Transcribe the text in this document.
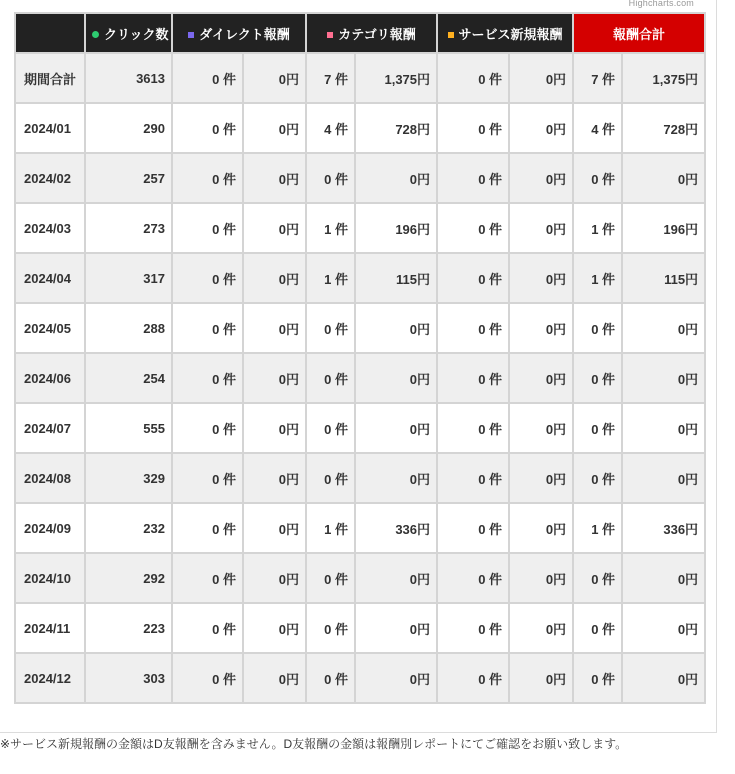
Highcharts.com
	クリック数	ダイレクト報酬		カテゴリ報酬		サービス新規報酬		報酬合計	
期間合計	3613	0 件	0円	7 件	1,375円	0 件	0円	7 件	1,375円
2024/01	290	0 件	0円	4 件	728円	0 件	0円	4 件	728円
2024/02	257	0 件	0円	0 件	0円	0 件	0円	0 件	0円
2024/03	273	0 件	0円	1 件	196円	0 件	0円	1 件	196円
2024/04	317	0 件	0円	1 件	115円	0 件	0円	1 件	115円
2024/05	288	0 件	0円	0 件	0円	0 件	0円	0 件	0円
2024/06	254	0 件	0円	0 件	0円	0 件	0円	0 件	0円
2024/07	555	0 件	0円	0 件	0円	0 件	0円	0 件	0円
2024/08	329	0 件	0円	0 件	0円	0 件	0円	0 件	0円
2024/09	232	0 件	0円	1 件	336円	0 件	0円	1 件	336円
2024/10	292	0 件	0円	0 件	0円	0 件	0円	0 件	0円
2024/11	223	0 件	0円	0 件	0円	0 件	0円	0 件	0円
2024/12	303	0 件	0円	0 件	0円	0 件	0円	0 件	0円
※サービス新規報酬の金額はD友報酬を含みません。D友報酬の金額は報酬別レポートにてご確認をお願い致します。
